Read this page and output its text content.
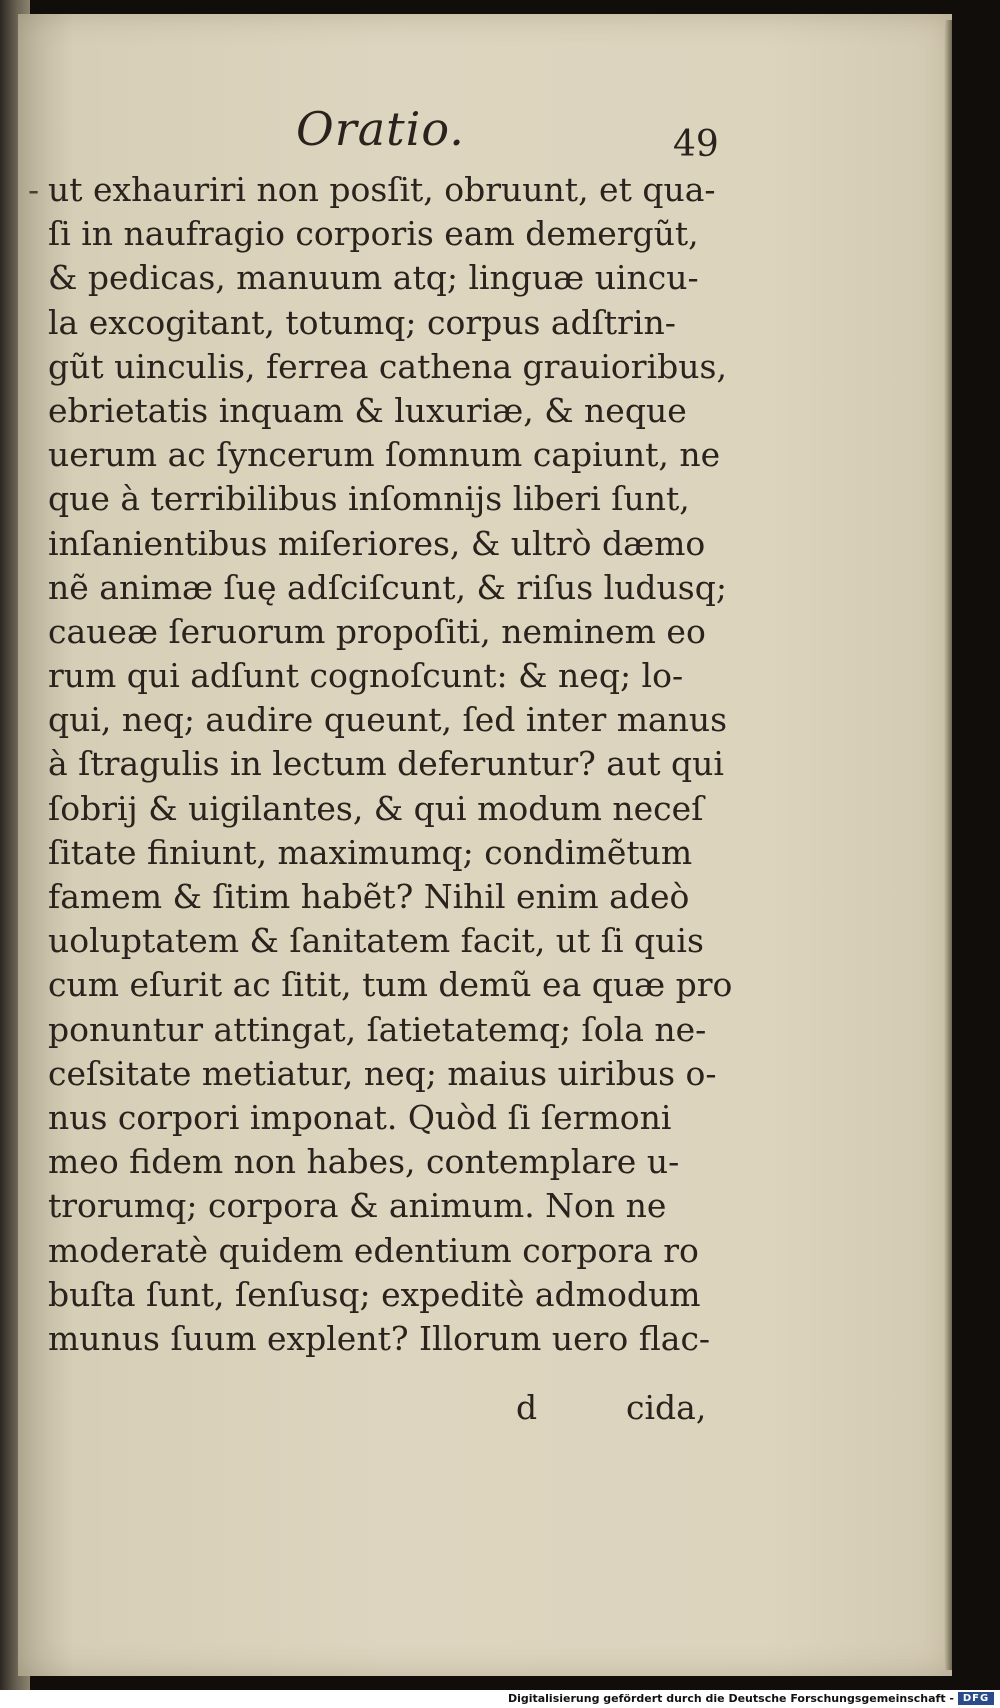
Oratio.	49
- ut exhauriri non posſit, obruunt, et qua-
ſi in naufragio corporis eam demergũt,
& pedicas, manuum atq; linguæ uincu-
la excogitant, totumq; corpus adſtrin-
gũt uinculis, ferrea cathena grauioribus,
ebrietatis inquam & luxuriæ, & neque
uerum ac ſyncerum ſomnum capiunt, ne
que à terribilibus inſomnijs liberi ſunt,
inſanientibus miſeriores, & ultrò dæmo
nẽ animæ ſuę adſciſcunt, & riſus ludusq;
caueæ ſeruorum propoſiti, neminem eo
rum qui adſunt cognoſcunt: & neq; lo-
qui, neq; audire queunt, ſed inter manus
à ſtragulis in lectum deferuntur? aut qui
ſobrij & uigilantes, & qui modum neceſ
ſitate finiunt, maximumq; condimẽtum
famem & ſitim habẽt? Nihil enim adeò
uoluptatem & ſanitatem facit, ut ſi quis
cum eſurit ac ſitit, tum demũ ea quæ pro
ponuntur attingat, ſatietatemq; ſola ne-
ceſsitate metiatur, neq; maius uiribus o-
nus corpori imponat. Quòd ſi ſermoni
meo fidem non habes, contemplare u-
trorumq; corpora & animum. Non ne
moderatè quidem edentium corpora ro
buſta ſunt, ſenſusq; expeditè admodum
munus ſuum explent? Illorum uero flac-
d	cida,
Digitalisierung gefördert durch die Deutsche Forschungsgemeinschaft - DFG
